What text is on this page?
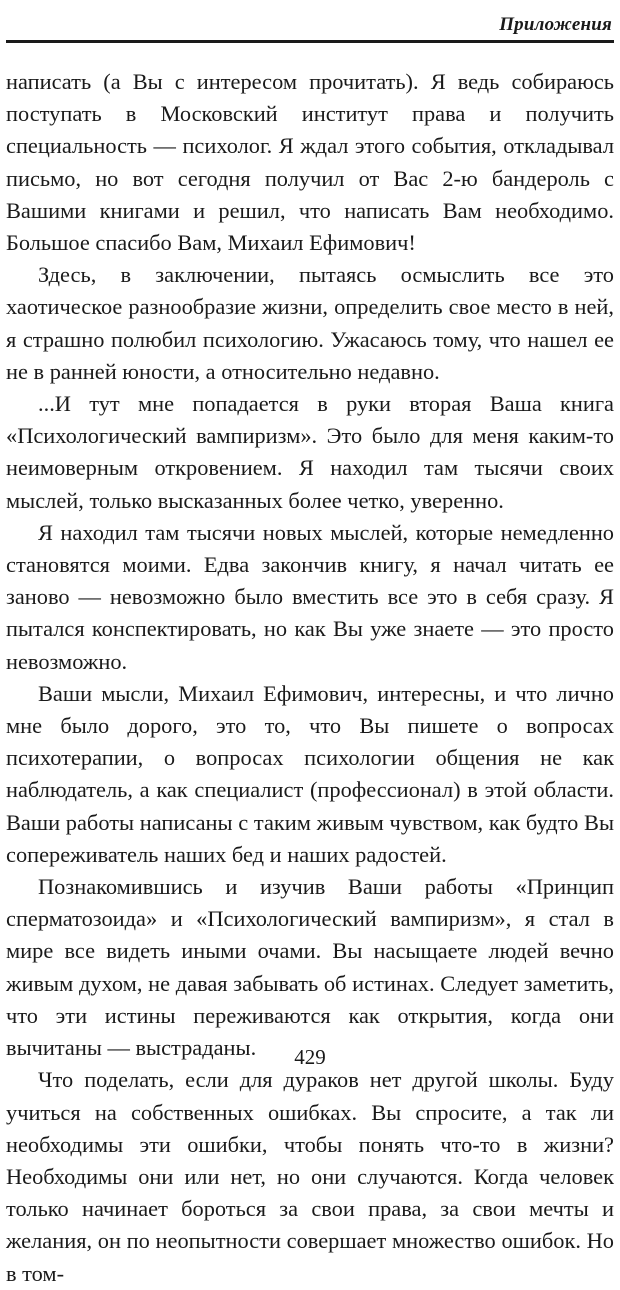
Приложения

написать (а Вы с интересом прочитать). Я ведь собираюсь поступать в Московский институт права и получить специальность — психолог. Я ждал этого события, откладывал письмо, но вот сегодня получил от Вас 2-ю бандероль с Вашими книгами и решил, что написать Вам необходимо. Большое спасибо Вам, Михаил Ефимович!

Здесь, в заключении, пытаясь осмыслить все это хаотическое разнообразие жизни, определить свое место в ней, я страшно полюбил психологию. Ужасаюсь тому, что нашел ее не в ранней юности, а относительно недавно.

...И тут мне попадается в руки вторая Ваша книга «Психологический вампиризм». Это было для меня каким-то неимоверным откровением. Я находил там тысячи своих мыслей, только высказанных более четко, уверенно.

Я находил там тысячи новых мыслей, которые немедленно становятся моими. Едва закончив книгу, я начал читать ее заново — невозможно было вместить все это в себя сразу. Я пытался конспектировать, но как Вы уже знаете — это просто невозможно.

Ваши мысли, Михаил Ефимович, интересны, и что лично мне было дорого, это то, что Вы пишете о вопросах психотерапии, о вопросах психологии общения не как наблюдатель, а как специалист (профессионал) в этой области. Ваши работы написаны с таким живым чувством, как будто Вы сопереживатель наших бед и наших радостей.

Познакомившись и изучив Ваши работы «Принцип сперматозоида» и «Психологический вампиризм», я стал в мире все видеть иными очами. Вы насыщаете людей вечно живым духом, не давая забывать об истинах. Следует заметить, что эти истины переживаются как открытия, когда они вычитаны — выстраданы.

Что поделать, если для дураков нет другой школы. Буду учиться на собственных ошибках. Вы спросите, а так ли необходимы эти ошибки, чтобы понять что-то в жизни? Необходимы они или нет, но они случаются. Когда человек только начинает бороться за свои права, за свои мечты и желания, он по неопытности совершает множество ошибок. Но в том-

429
